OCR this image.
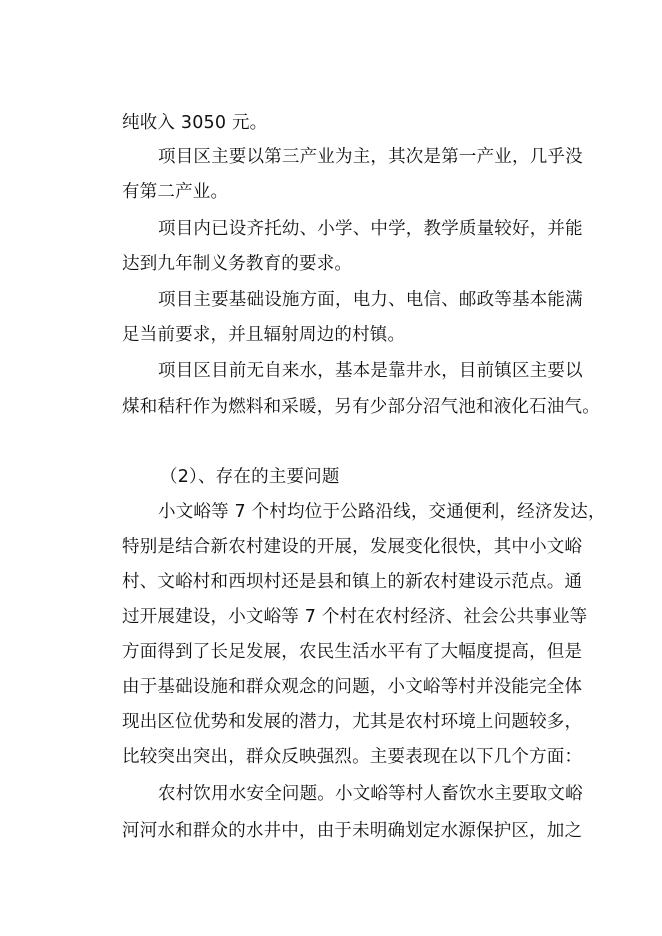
纯收入 3050 元。
项目区主要以第三产业为主，其次是第一产业，几乎没
有第二产业。
项目内已设齐托幼、小学、中学，教学质量较好，并能
达到九年制义务教育的要求。
项目主要基础设施方面，电力、电信、邮政等基本能满
足当前要求，并且辐射周边的村镇。
项目区目前无自来水，基本是靠井水，目前镇区主要以
煤和秸秆作为燃料和采暖，另有少部分沼气池和液化石油气。
（2）、存在的主要问题
小文峪等 7 个村均位于公路沿线，交通便利，经济发达，
特别是结合新农村建设的开展，发展变化很快，其中小文峪
村、文峪村和西坝村还是县和镇上的新农村建设示范点。通
过开展建设，小文峪等 7 个村在农村经济、社会公共事业等
方面得到了长足发展，农民生活水平有了大幅度提高，但是
由于基础设施和群众观念的问题，小文峪等村并没能完全体
现出区位优势和发展的潜力，尤其是农村环境上问题较多，
比较突出突出，群众反映强烈。主要表现在以下几个方面：
农村饮用水安全问题。小文峪等村人畜饮水主要取文峪
河河水和群众的水井中，由于未明确划定水源保护区，加之
